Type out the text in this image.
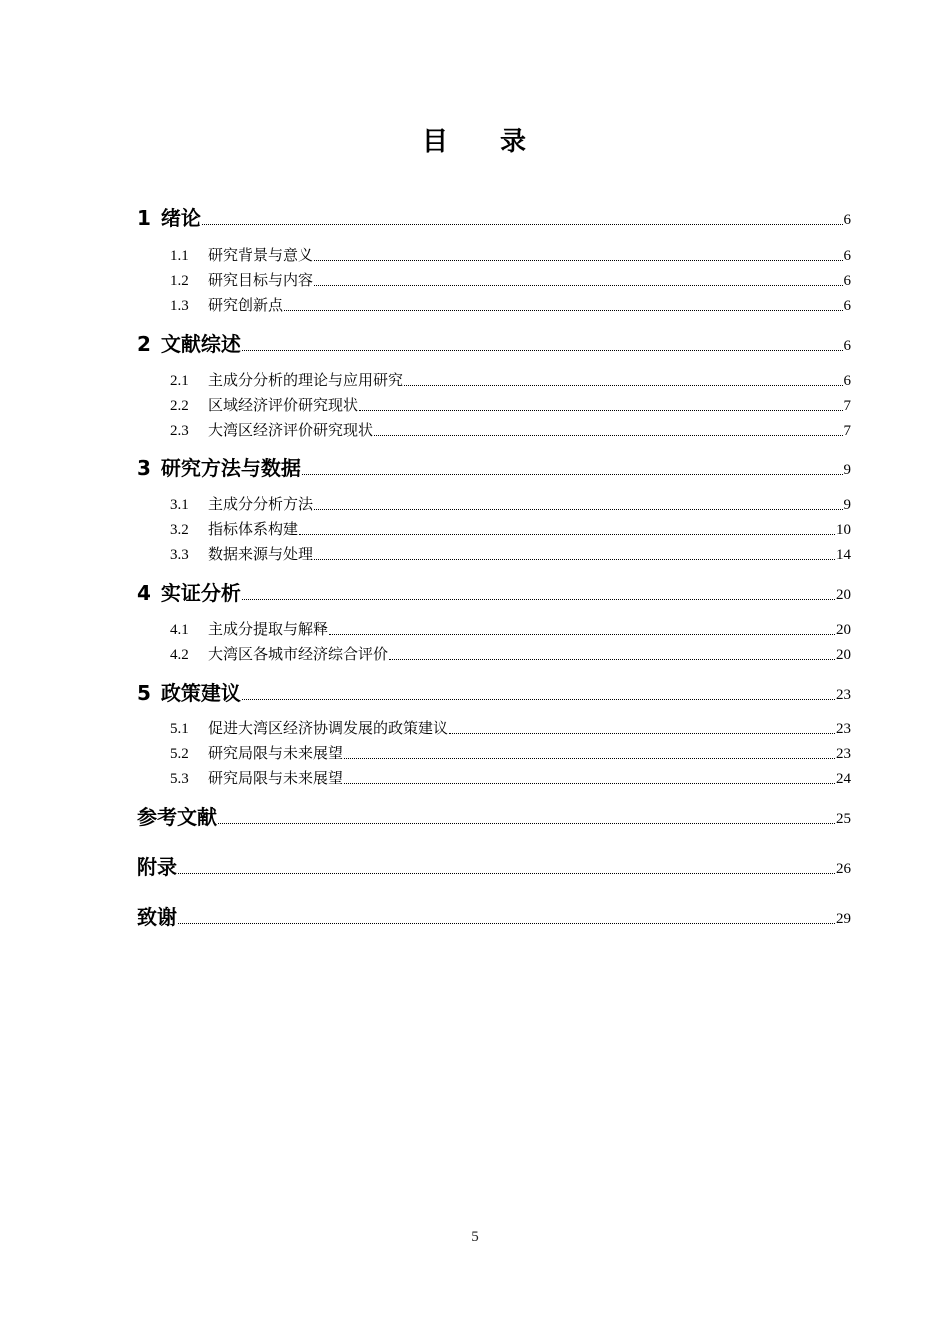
目 录
1 绪论	6
1.1	研究背景与意义	6
1.2	研究目标与内容	6
1.3	研究创新点	6
2 文献综述	6
2.1	主成分分析的理论与应用研究	6
2.2	区域经济评价研究现状	7
2.3	大湾区经济评价研究现状	7
3 研究方法与数据	9
3.1	主成分分析方法	9
3.2	指标体系构建	10
3.3	数据来源与处理	14
4 实证分析	20
4.1	主成分提取与解释	20
4.2	大湾区各城市经济综合评价	20
5 政策建议	23
5.1	促进大湾区经济协调发展的政策建议	23
5.2	研究局限与未来展望	23
5.3	研究局限与未来展望	24
参考文献	25
附录	26
致谢	29
5
